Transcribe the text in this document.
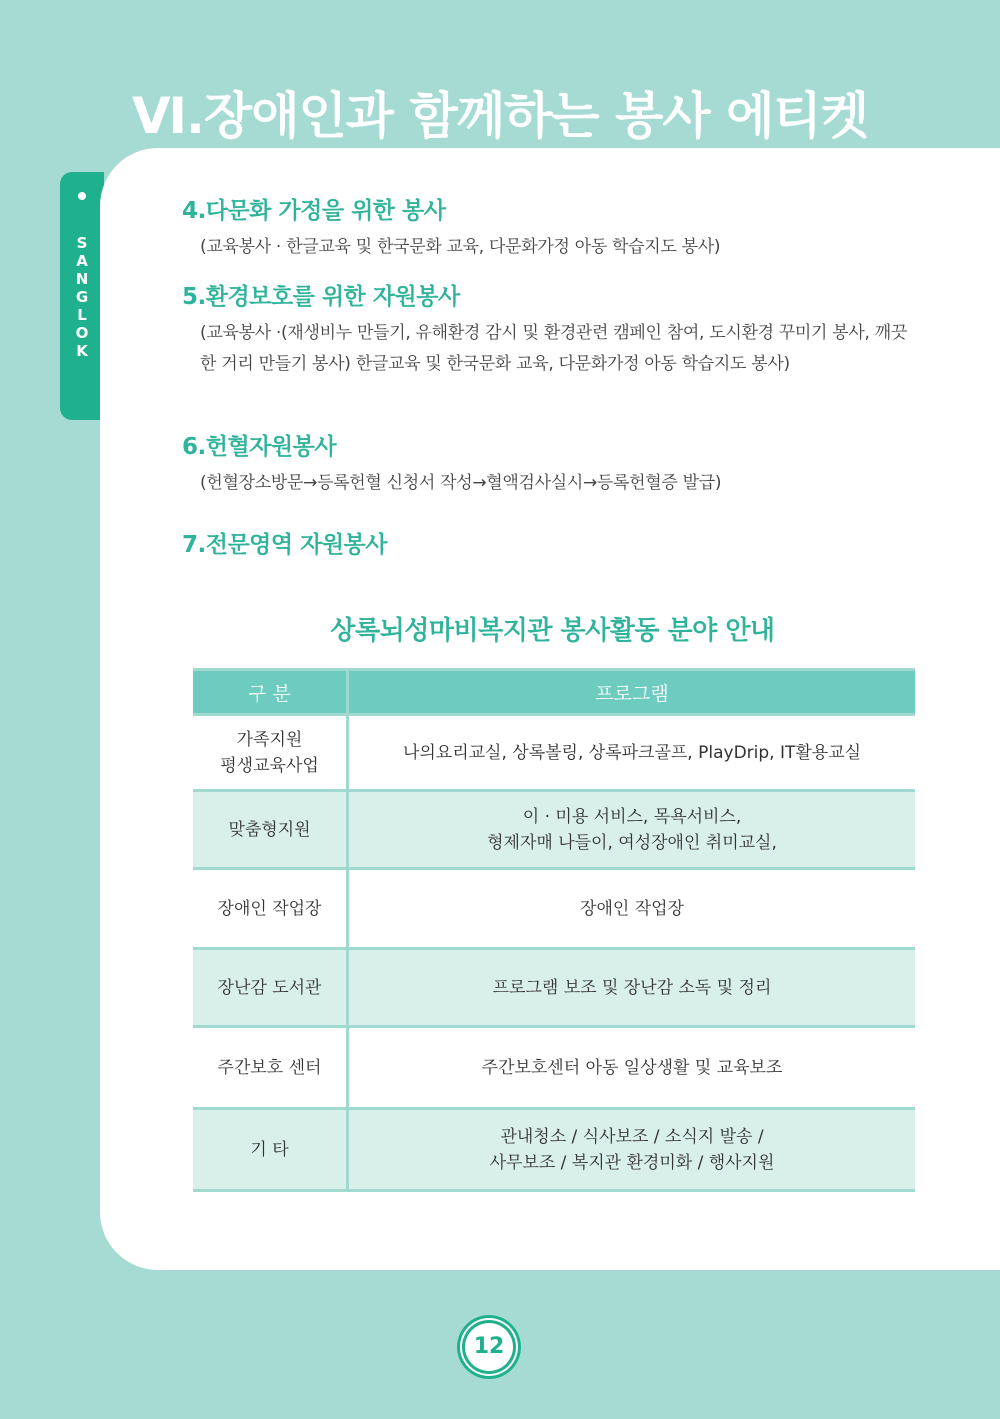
Ⅵ.장애인과 함께하는 봉사 에티켓
SANGLOK
4.다문화 가정을 위한 봉사

(교육봉사 · 한글교육 및 한국문화 교육, 다문화가정 아동 학습지도 봉사)

5.환경보호를 위한 자원봉사

(교육봉사 ·(재생비누 만들기, 유해환경 감시 및 환경관련 캠페인 참여, 도시환경 꾸미기 봉사, 깨끗한 거리 만들기 봉사) 한글교육 및 한국문화 교육, 다문화가정 아동 학습지도 봉사)

6.헌혈자원봉사

(헌혈장소방문→등록헌혈 신청서 작성→혈액검사실시→등록헌혈증 발급)

7.전문영역 자원봉사
상록뇌성마비복지관 봉사활동 분야 안내
구 분	프로그램
가족지원
평생교육사업	나의요리교실, 상록볼링, 상록파크골프, PlayDrip, IT활용교실
맞춤형지원	이 · 미용 서비스, 목욕서비스,
형제자매 나들이, 여성장애인 취미교실,
장애인 작업장	장애인 작업장
장난감 도서관	프로그램 보조 및 장난감 소독 및 정리
주간보호 센터	주간보호센터 아동 일상생활 및 교육보조
기 타	관내청소 / 식사보조 / 소식지 발송 /
사무보조 / 복지관 환경미화 / 행사지원
12
